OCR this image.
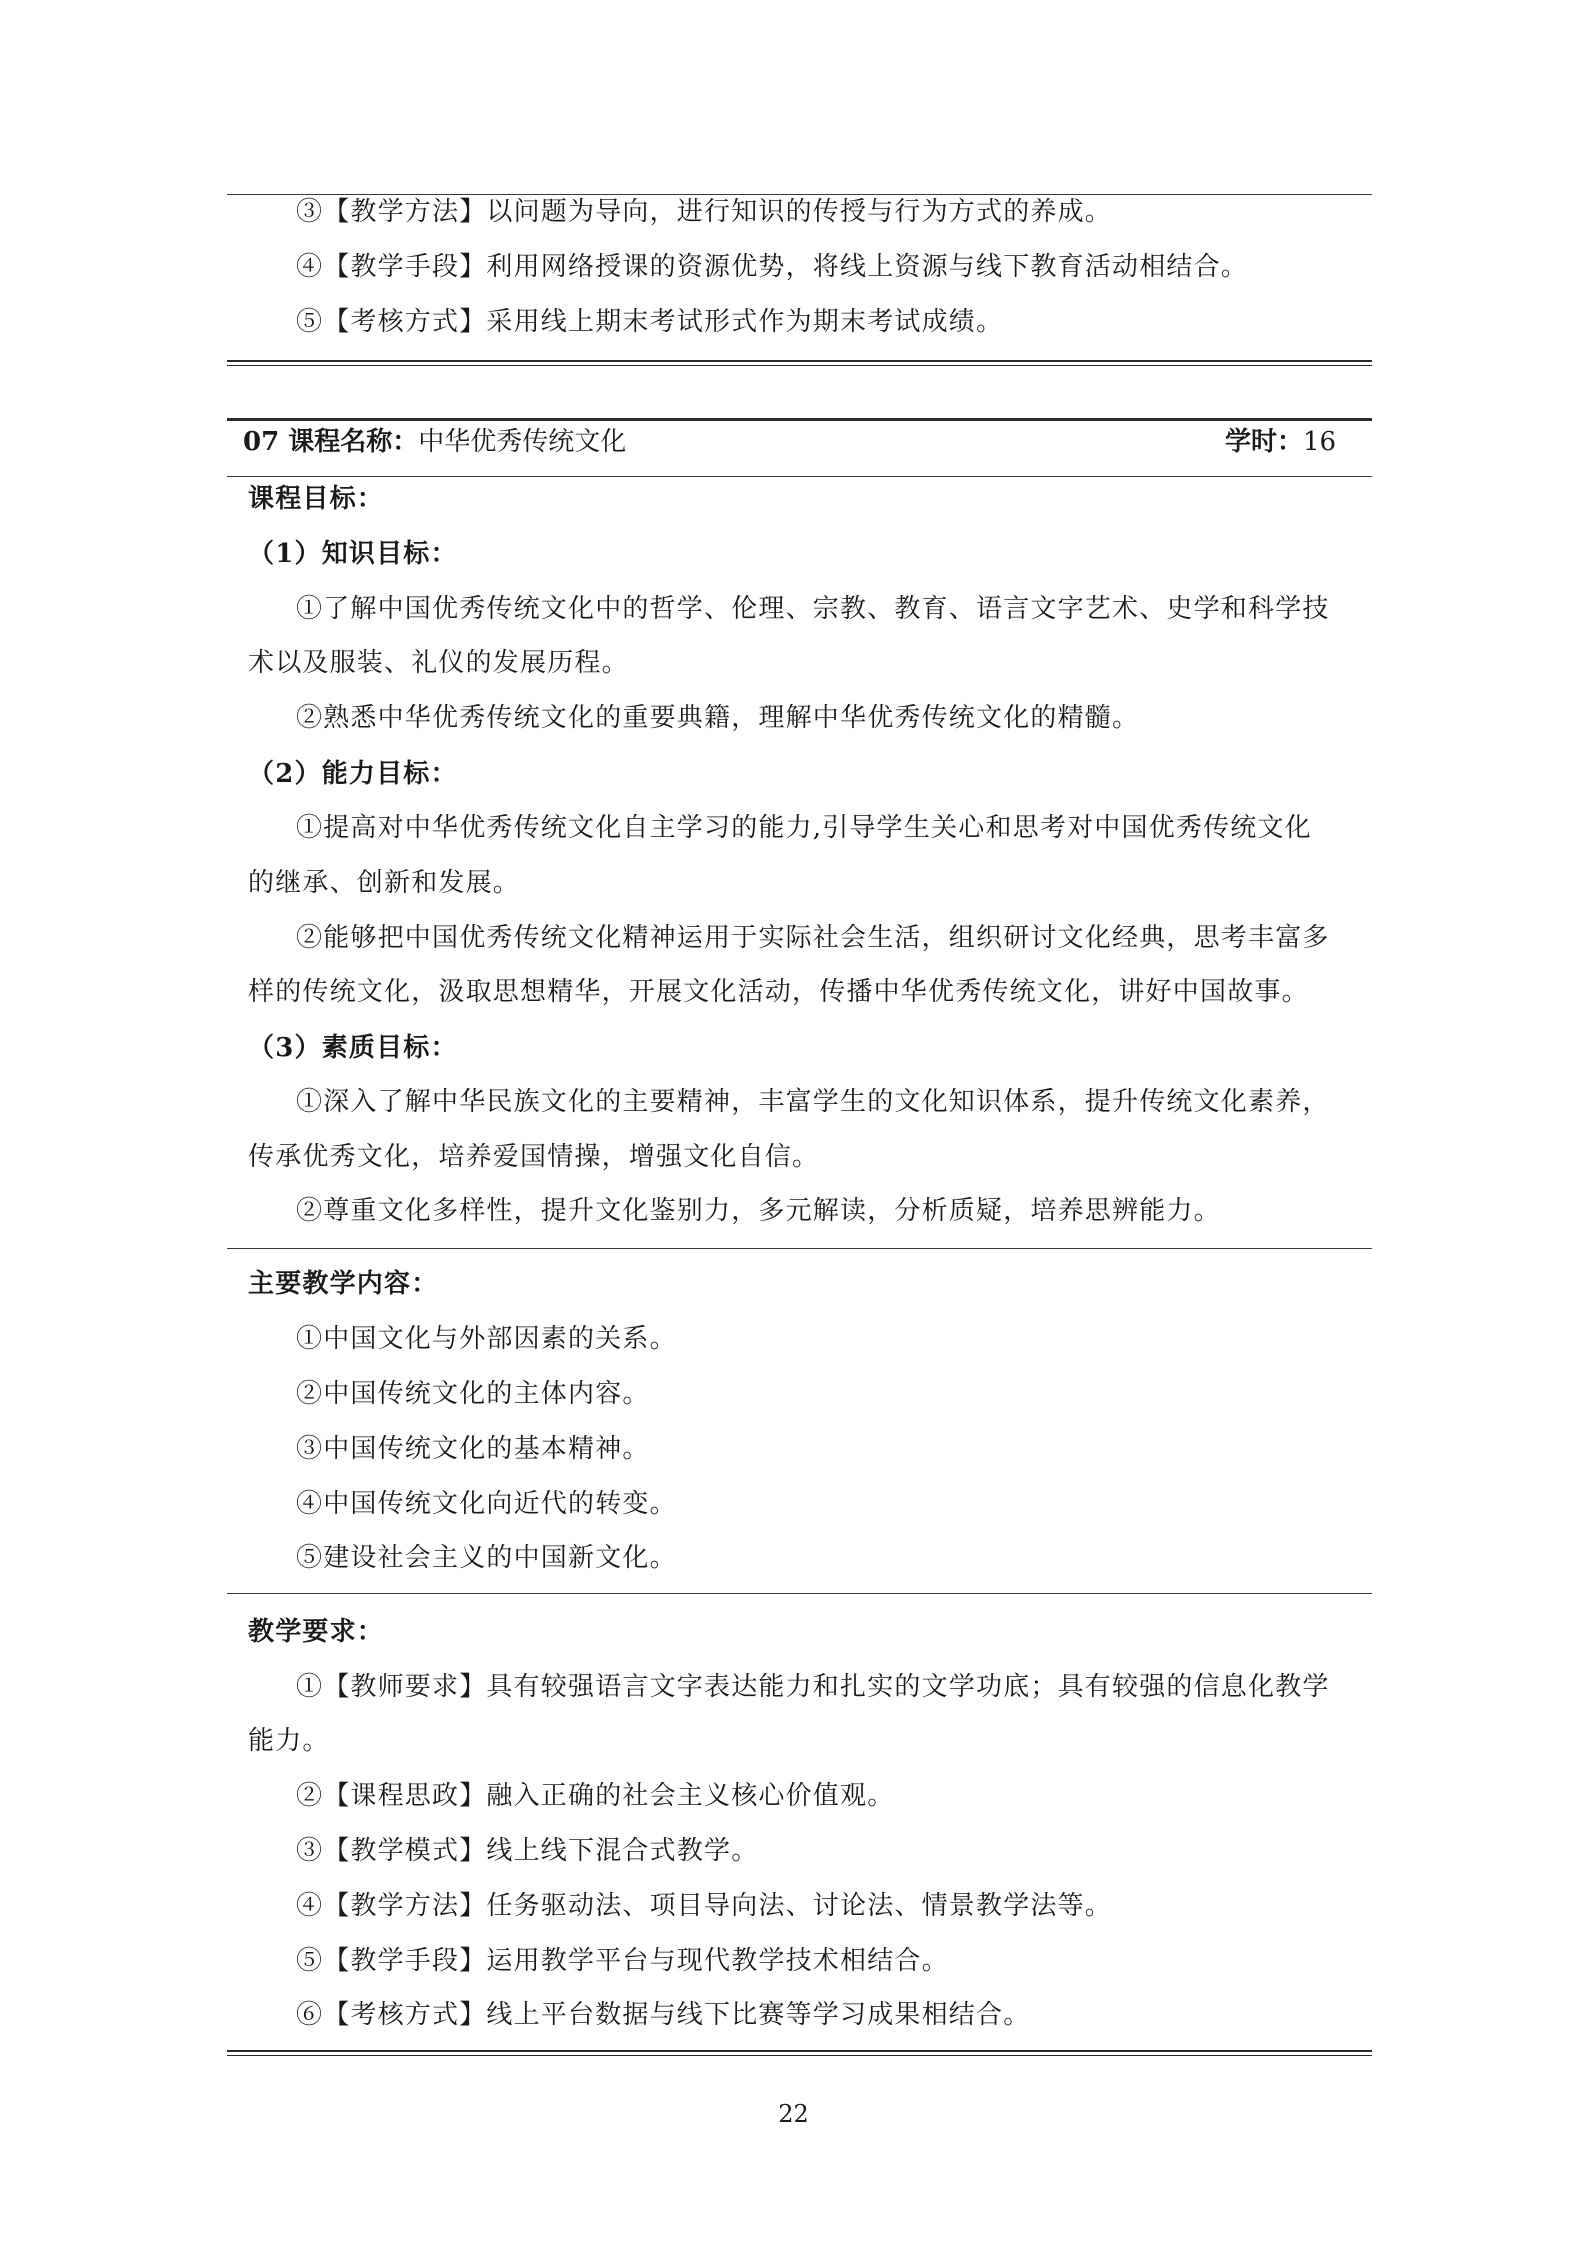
③【教学方法】以问题为导向，进行知识的传授与行为方式的养成。
④【教学手段】利用网络授课的资源优势，将线上资源与线下教育活动相结合。
⑤【考核方式】采用线上期末考试形式作为期末考试成绩。
07 课程名称：中华优秀传统文化	学时：16
课程目标：
（1）知识目标：
①了解中国优秀传统文化中的哲学、伦理、宗教、教育、语言文字艺术、史学和科学技
术以及服装、礼仪的发展历程。
②熟悉中华优秀传统文化的重要典籍，理解中华优秀传统文化的精髓。
（2）能力目标：
①提高对中华优秀传统文化自主学习的能力,引导学生关心和思考对中国优秀传统文化
的继承、创新和发展。
②能够把中国优秀传统文化精神运用于实际社会生活，组织研讨文化经典，思考丰富多
样的传统文化，汲取思想精华，开展文化活动，传播中华优秀传统文化，讲好中国故事。
（3）素质目标：
①深入了解中华民族文化的主要精神，丰富学生的文化知识体系，提升传统文化素养，
传承优秀文化，培养爱国情操，增强文化自信。
②尊重文化多样性，提升文化鉴别力，多元解读，分析质疑，培养思辨能力。
主要教学内容：
①中国文化与外部因素的关系。
②中国传统文化的主体内容。
③中国传统文化的基本精神。
④中国传统文化向近代的转变。
⑤建设社会主义的中国新文化。
教学要求：
①【教师要求】具有较强语言文字表达能力和扎实的文学功底；具有较强的信息化教学
能力。
②【课程思政】融入正确的社会主义核心价值观。
③【教学模式】线上线下混合式教学。
④【教学方法】任务驱动法、项目导向法、讨论法、情景教学法等。
⑤【教学手段】运用教学平台与现代教学技术相结合。
⑥【考核方式】线上平台数据与线下比赛等学习成果相结合。
22
